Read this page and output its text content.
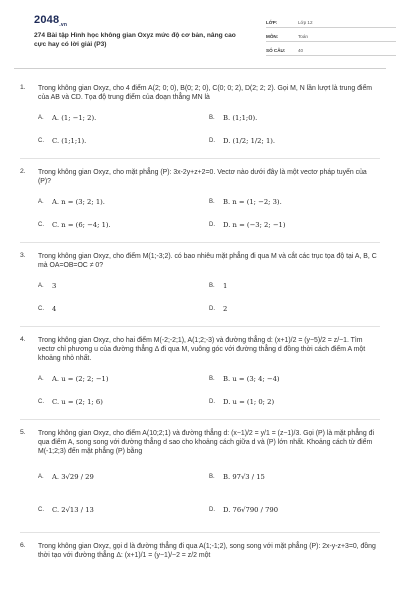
$2048_{.vn}$
274 Bài tập Hình học không gian Oxyz mức độ cơ bản, nâng cao cực hay có lời giải (P3)
LỚP:	Lớp 12
MÔN:	Toán
SỐ CÂU:	40
1. Trong không gian Oxyz, cho 4 điểm A(2; 0; 0), B(0; 2; 0), C(0; 0; 2), D(2; 2; 2). Gọi M, N lần lượt là trung điểm của AB và CD. Tọa độ trung điểm của đoạn thẳng MN là
A.	A. (1; −1; 2).	B.	B. (1;1;0).
C.	C. (1;1;1).	D.	D. (1/2; 1/2; 1).
2. Trong không gian Oxyz, cho mặt phẳng (P): 3x-2y+z+2=0. Vectơ nào dưới đây là một vectơ pháp tuyến của (P)?
A.	A. n = (3; 2; 1).	B.	B. n = (1; −2; 3).
C.	C. n = (6; −4; 1).	D.	D. n = (−3; 2; −1)
3. Trong không gian Oxyz, cho điểm M(1;-3;2). có bao nhiêu mặt phẳng đi qua M và cắt các trục tọa độ tại A, B, C mà OA=OB=OC ≠ 0?
A.	3	B.	1
C.	4	D.	2
4. Trong không gian Oxyz, cho hai điểm M(-2;-2;1), A(1;2;-3) và đường thẳng d: (x+1)/2 = (y−5)/2 = z/−1. Tìm vectơ chỉ phương u của đường thẳng Δ đi qua M, vuông góc với đường thẳng d đồng thời cách điểm A một khoảng nhỏ nhất.
A.	A. u = (2; 2; −1)	B.	B. u = (3; 4; −4)
C.	C. u = (2; 1; 6)	D.	D. u = (1; 0; 2)
5. Trong không gian Oxyz, cho điểm A(10;2;1) và đường thẳng d: (x−1)/2 = y/1 = (z−1)/3. Gọi (P) là mặt phẳng đi qua điểm A, song song với đường thẳng d sao cho khoảng cách giữa d và (P) lớn nhất. Khoảng cách từ điểm M(-1;2;3) đến mặt phẳng (P) bằng
A.	A. 3√29 / 29	B.	B. 97√3 / 15
C.	C. 2√13 / 13	D.	D. 76√790 / 790
6. Trong không gian Oxyz, gọi d là đường thẳng đi qua A(1;-1;2), song song với mặt phẳng (P): 2x-y-z+3=0, đồng thời tạo với đường thẳng Δ: (x+1)/1 = (y−1)/−2 = z/2 một
